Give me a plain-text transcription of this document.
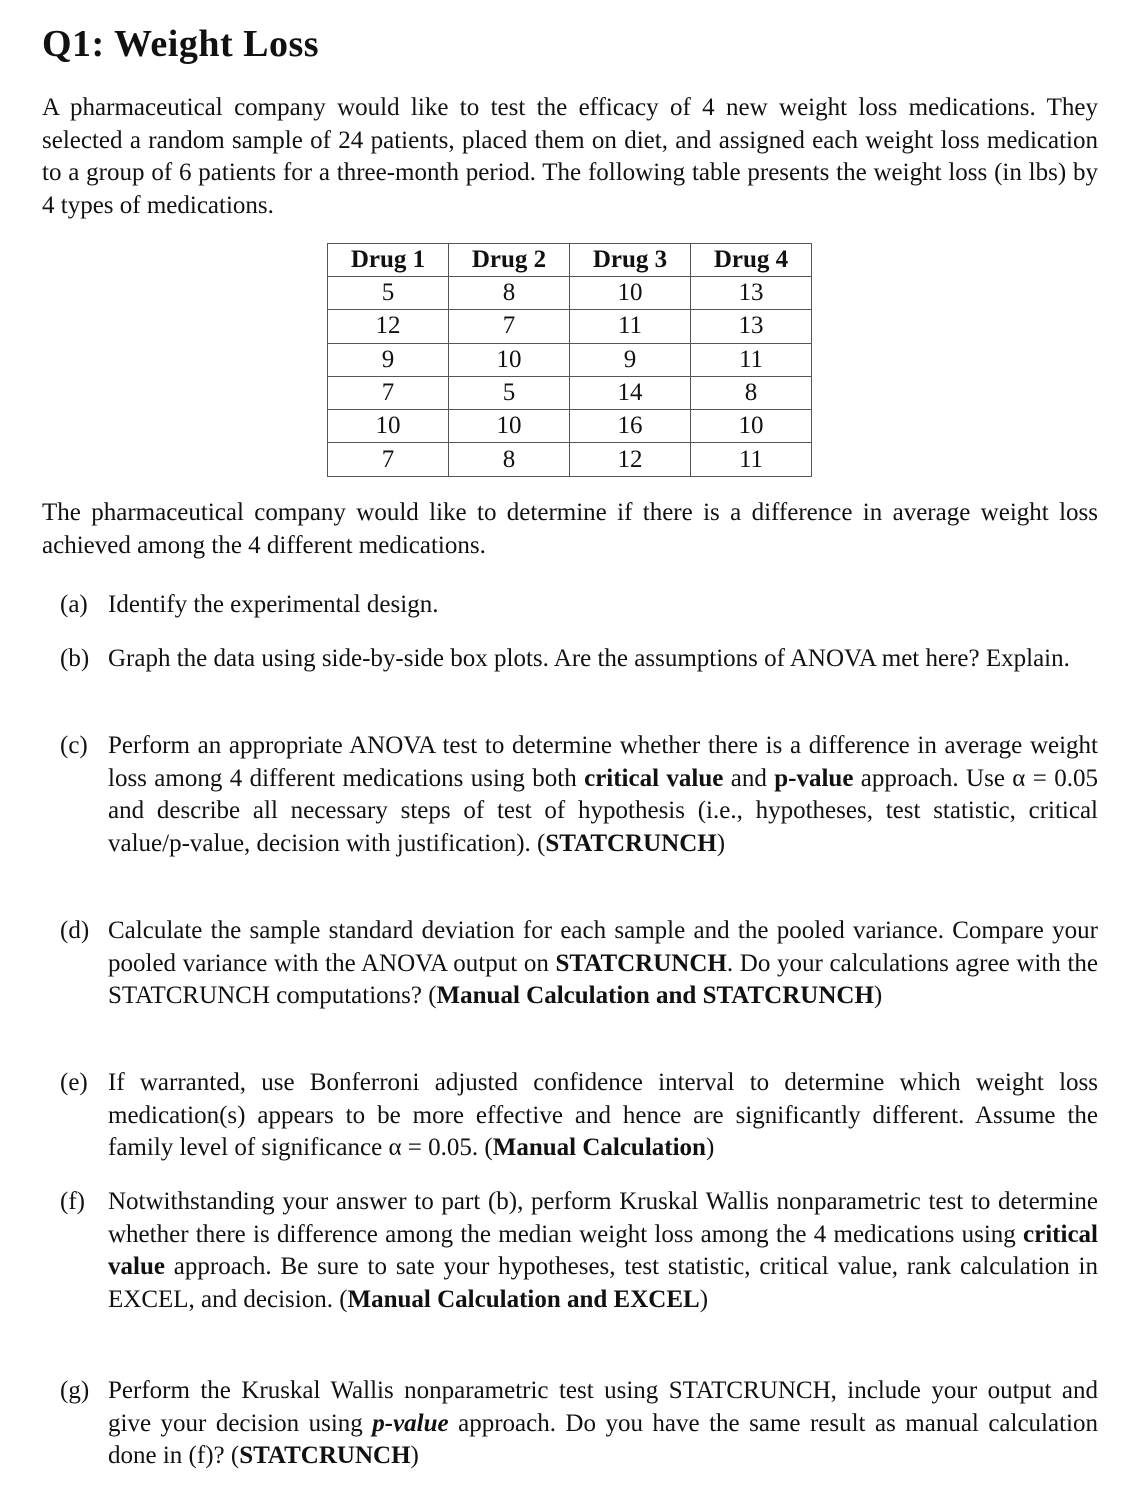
Q1: Weight Loss
A pharmaceutical company would like to test the efficacy of 4 new weight loss medications. They selected a random sample of 24 patients, placed them on diet, and assigned each weight loss medication to a group of 6 patients for a three-month period. The following table presents the weight loss (in lbs) by 4 types of medications.
Drug 1	Drug 2	Drug 3	Drug 4
5	8	10	13
12	7	11	13
9	10	9	11
7	5	14	8
10	10	16	10
7	8	12	11
The pharmaceutical company would like to determine if there is a difference in average weight loss achieved among the 4 different medications.
(a) Identify the experimental design.
(b) Graph the data using side-by-side box plots. Are the assumptions of ANOVA met here? Explain.
(c) Perform an appropriate ANOVA test to determine whether there is a difference in average weight loss among 4 different medications using both critical value and p-value approach. Use α = 0.05 and describe all necessary steps of test of hypothesis (i.e., hypotheses, test statistic, critical value/p-value, decision with justification). (STATCRUNCH)
(d) Calculate the sample standard deviation for each sample and the pooled variance. Compare your pooled variance with the ANOVA output on STATCRUNCH. Do your calculations agree with the STATCRUNCH computations? (Manual Calculation and STATCRUNCH)
(e) If warranted, use Bonferroni adjusted confidence interval to determine which weight loss medication(s) appears to be more effective and hence are significantly different. Assume the family level of significance α = 0.05. (Manual Calculation)
(f) Notwithstanding your answer to part (b), perform Kruskal Wallis nonparametric test to determine whether there is difference among the median weight loss among the 4 medications using critical value approach. Be sure to sate your hypotheses, test statistic, critical value, rank calculation in EXCEL, and decision. (Manual Calculation and EXCEL)
(g) Perform the Kruskal Wallis nonparametric test using STATCRUNCH, include your output and give your decision using p-value approach. Do you have the same result as manual calculation done in (f)? (STATCRUNCH)
